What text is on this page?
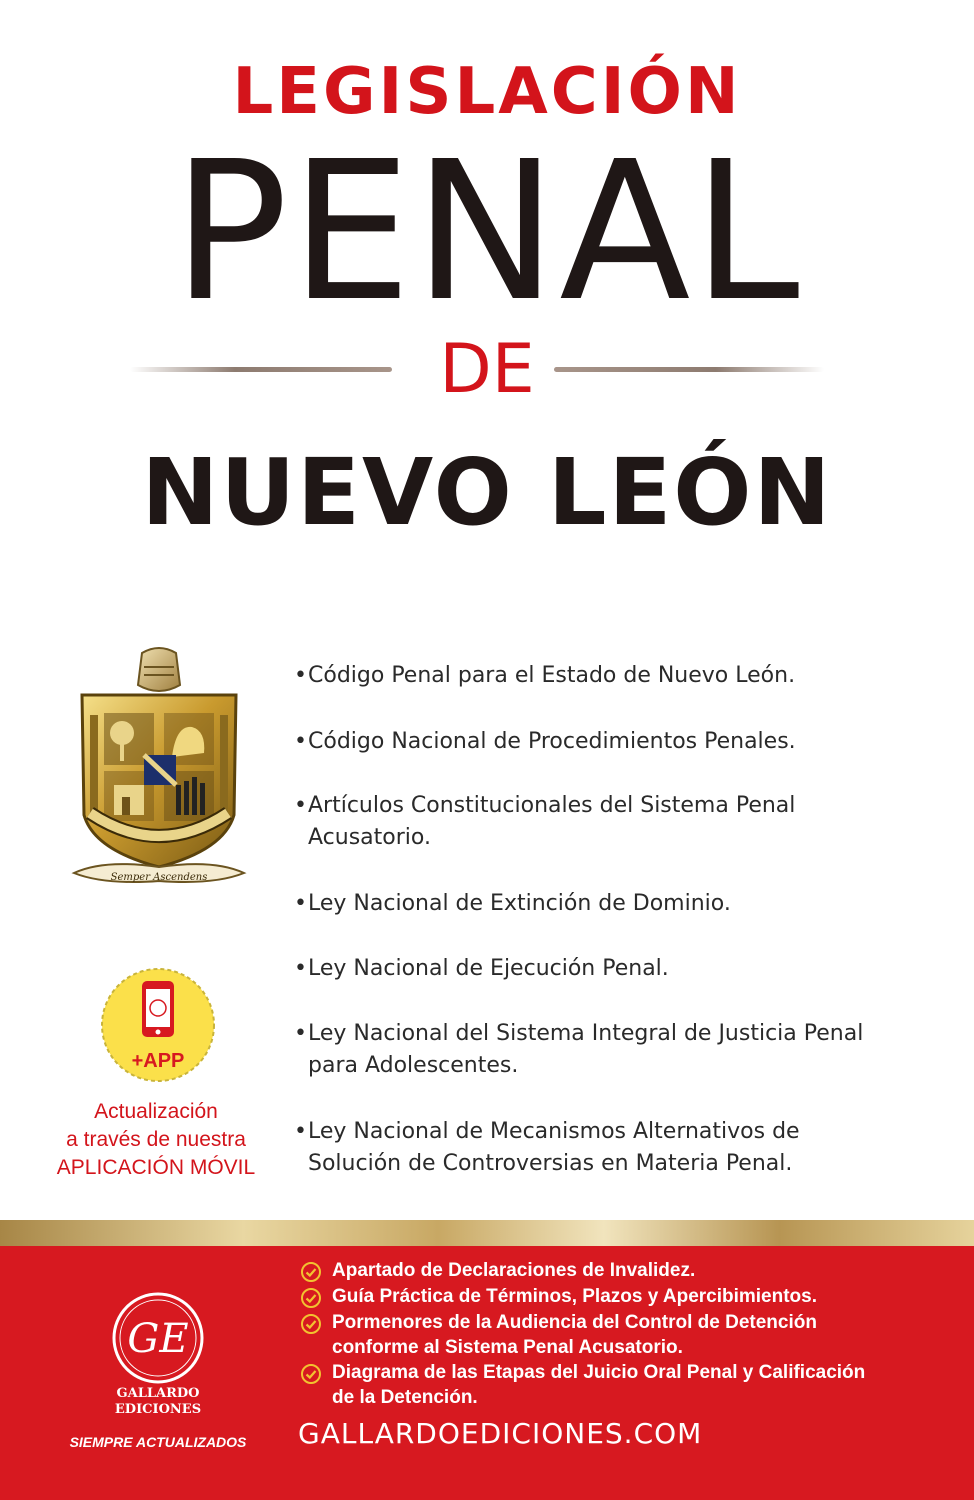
LEGISLACIÓN
PENAL
DE
NUEVO LEÓN
Semper Ascendens
+APP
Actualización
a través de nuestra
APLICACIÓN MÓVIL
• Código Penal para el Estado de Nuevo León.
• Código Nacional de Procedimientos Penales.
• Artículos Constitucionales del Sistema Penal Acusatorio.
• Ley Nacional de Extinción de Dominio.
• Ley Nacional de Ejecución Penal.
• Ley Nacional del Sistema Integral de Justicia Penal para Adolescentes.
• Ley Nacional de Mecanismos Alternativos de Solución de Controversias en Materia Penal.
GE
GALLARDO
EDICIONES
SIEMPRE ACTUALIZADOS
Apartado de Declaraciones de Invalidez.
Guía Práctica de Términos, Plazos y Apercibimientos.
Pormenores de la Audiencia del Control de Detención conforme al Sistema Penal Acusatorio.
Diagrama de las Etapas del Juicio Oral Penal y Calificación de la Detención.
GALLARDOEDICIONES.COM
